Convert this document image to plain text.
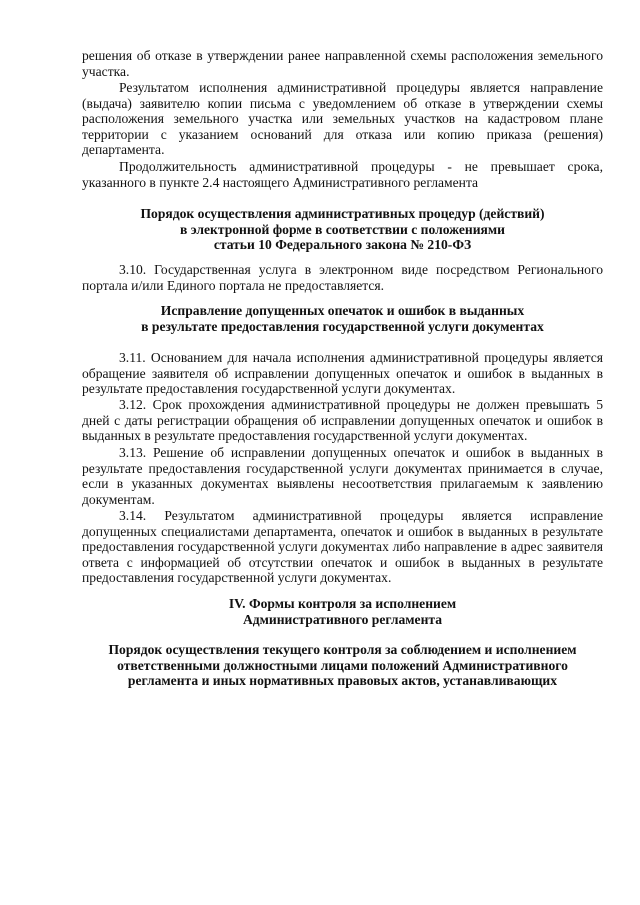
решения об отказе в утверждении ранее направленной схемы расположения земельного участка.

Результатом исполнения административной процедуры является направление (выдача) заявителю копии письма с уведомлением об отказе в утверждении схемы расположения земельного участка или земельных участков на кадастровом плане территории с указанием оснований для отказа или копию приказа (решения) департамента.

Продолжительность административной процедуры - не превышает срока, указанного в пункте 2.4 настоящего Административного регламента

Порядок осуществления административных процедур (действий)
в электронной форме в соответствии с положениями
статьи 10 Федерального закона № 210-ФЗ

3.10. Государственная услуга в электронном виде посредством Регионального портала и/или Единого портала не предоставляется.

Исправление допущенных опечаток и ошибок в выданных
в результате предоставления государственной услуги документах

3.11. Основанием для начала исполнения административной процедуры является обращение заявителя об исправлении допущенных опечаток и ошибок в выданных в результате предоставления государственной услуги документах.

3.12. Срок прохождения административной процедуры не должен превышать 5 дней с даты регистрации обращения об исправлении допущенных опечаток и ошибок в выданных в результате предоставления государственной услуги документах.

3.13. Решение об исправлении допущенных опечаток и ошибок в выданных в результате предоставления государственной услуги документах принимается в случае, если в указанных документах выявлены несоответствия прилагаемым к заявлению документам.

3.14. Результатом административной процедуры является исправление допущенных специалистами департамента, опечаток и ошибок в выданных в результате предоставления государственной услуги документах либо направление в адрес заявителя ответа с информацией об отсутствии опечаток и ошибок в выданных в результате предоставления государственной услуги документах.

IV. Формы контроля за исполнением
Административного регламента
Порядок осуществления текущего контроля за соблюдением и исполнением
ответственными должностными лицами положений Административного
регламента и иных нормативных правовых актов, устанавливающих
